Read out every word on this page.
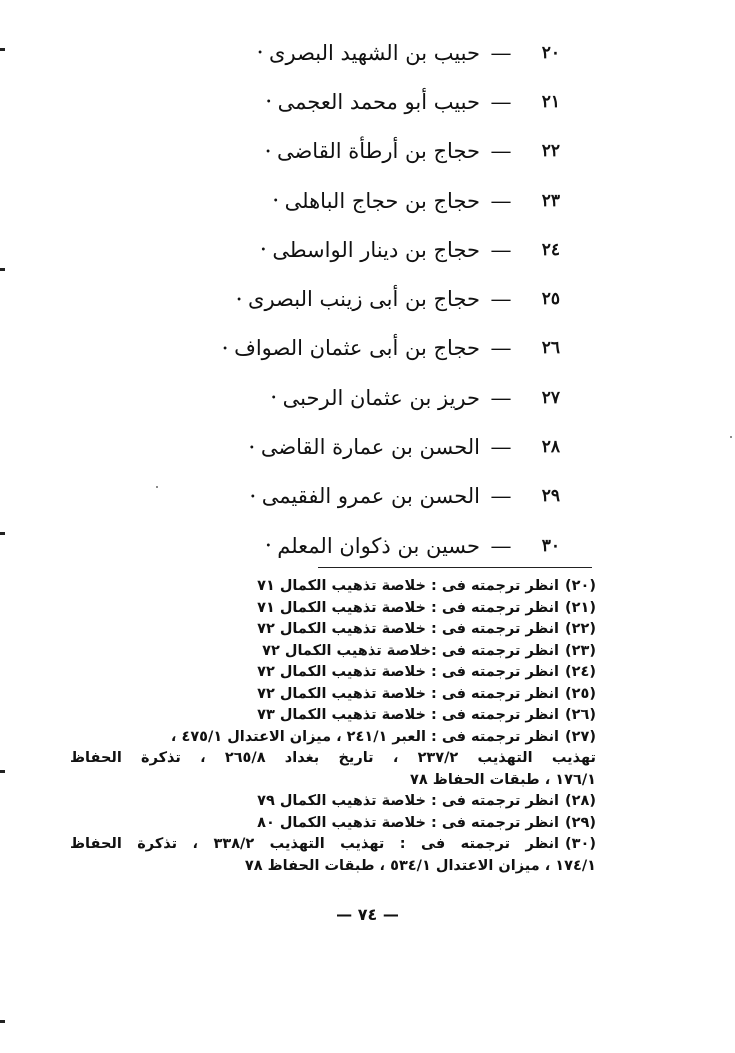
٢٠
—
حبيب بن الشهيد البصرى
•
٢١
—
حبيب أبو محمد العجمى
•
٢٢
—
حجاج بن أرطأة القاضى
•
٢٣
—
حجاج بن حجاج الباهلى
•
٢٤
—
حجاج بن دينار الواسطى
•
٢٥
—
حجاج بن أبى زينب البصرى
•
٢٦
—
حجاج بن أبى عثمان الصواف
•
٢٧
—
حريز بن عثمان الرحبى
•
٢٨
—
الحسن بن عمارة القاضى
•
٢٩
—
الحسن بن عمرو الفقيمى
•
٣٠
—
حسين بن ذكوان المعلم
•
(٢٠)انظر ترجمته فى : خلاصة تذهيب الكمال ٧١
(٢١)انظر ترجمته فى : خلاصة تذهيب الكمال ٧١
(٢٢)انظر ترجمته فى : خلاصة تذهيب الكمال ٧٢
(٢٣)انظر ترجمته فى :خلاصة تذهيب الكمال ٧٢
(٢٤)انظر ترجمته فى : خلاصة تذهيب الكمال ٧٢
(٢٥)انظر ترجمته فى : خلاصة تذهيب الكمال ٧٢
(٢٦)انظر ترجمته فى : خلاصة تذهيب الكمال ٧٣
(٢٧)انظر ترجمته فى : العبر ٢٤١/١ ، ميزان الاعتدال ٤٧٥/١ ،
تهذيب التهذيب ٢٣٧/٢ ، تاريخ بغداد ٢٦٥/٨ ، تذكرة الحفاظ
١٧٦/١ ، طبقات الحفاظ ٧٨
(٢٨)انظر ترجمته فى : خلاصة تذهيب الكمال ٧٩
(٢٩)انظر ترجمته فى : خلاصة تذهيب الكمال ٨٠
(٣٠)انظر ترجمته فى : تهذيب التهذيب ٣٣٨/٢ ، تذكرة الحفاظ
١٧٤/١ ، ميزان الاعتدال ٥٣٤/١ ، طبقات الحفاظ ٧٨
— ٧٤ —
